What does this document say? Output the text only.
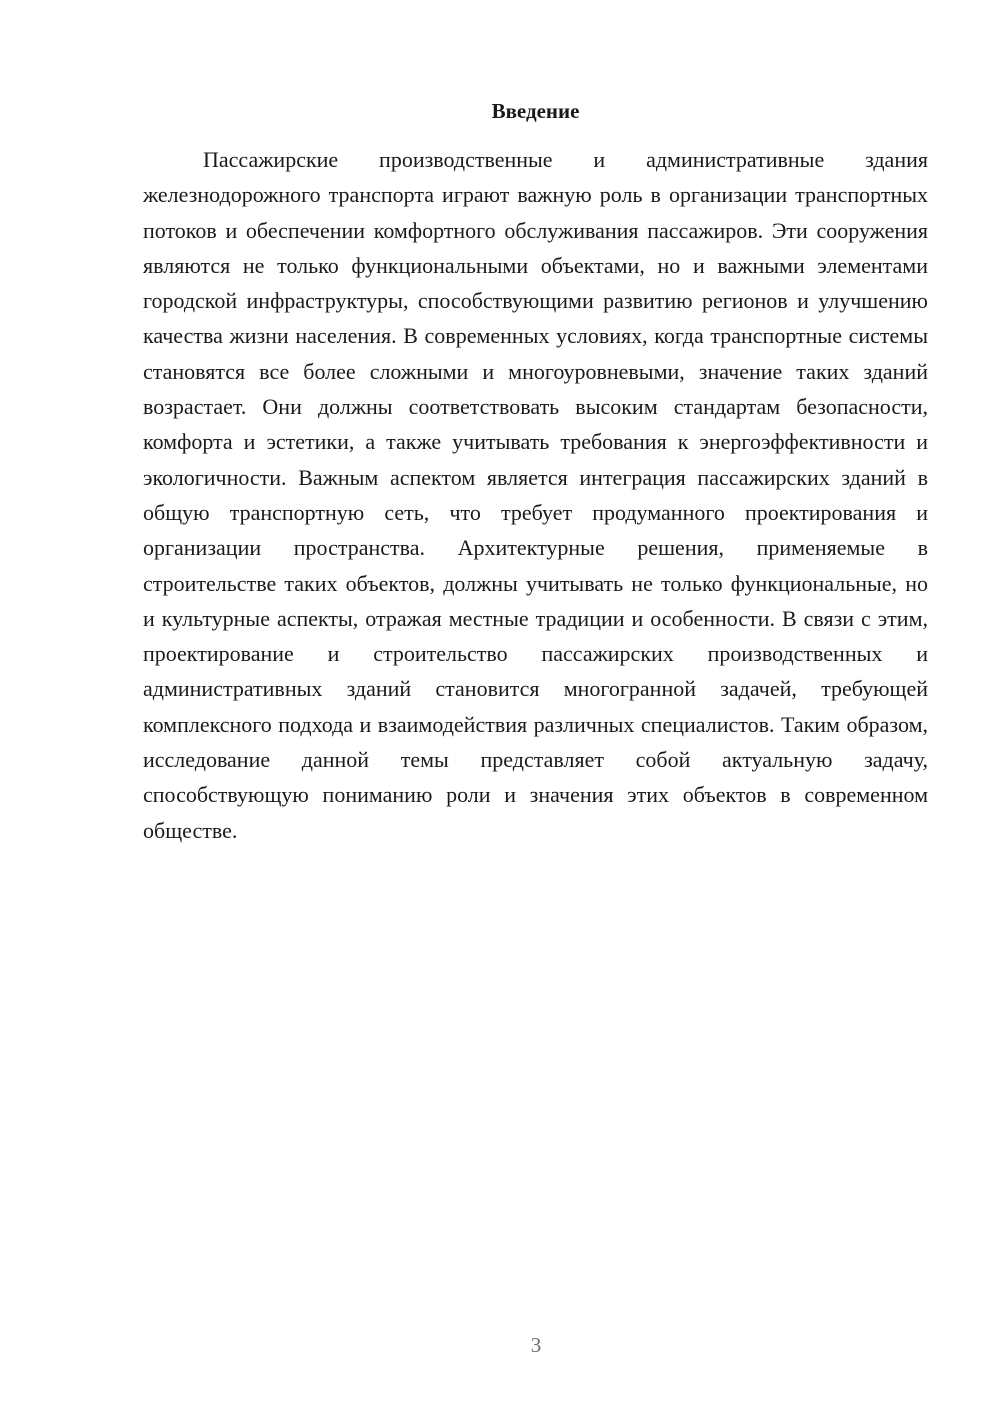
Введение

Пассажирские производственные и административные здания железнодорожного транспорта играют важную роль в организации транспортных потоков и обеспечении комфортного обслуживания пассажиров. Эти сооружения являются не только функциональными объектами, но и важными элементами городской инфраструктуры, способствующими развитию регионов и улучшению качества жизни населения. В современных условиях, когда транспортные системы становятся все более сложными и многоуровневыми, значение таких зданий возрастает. Они должны соответствовать высоким стандартам безопасности, комфорта и эстетики, а также учитывать требования к энергоэффективности и экологичности. Важным аспектом является интеграция пассажирских зданий в общую транспортную сеть, что требует продуманного проектирования и организации пространства. Архитектурные решения, применяемые в строительстве таких объектов, должны учитывать не только функциональные, но и культурные аспекты, отражая местные традиции и особенности. В связи с этим, проектирование и строительство пассажирских производственных и административных зданий становится многогранной задачей, требующей комплексного подхода и взаимодействия различных специалистов. Таким образом, исследование данной темы представляет собой актуальную задачу, способствующую пониманию роли и значения этих объектов в современном обществе.

3
